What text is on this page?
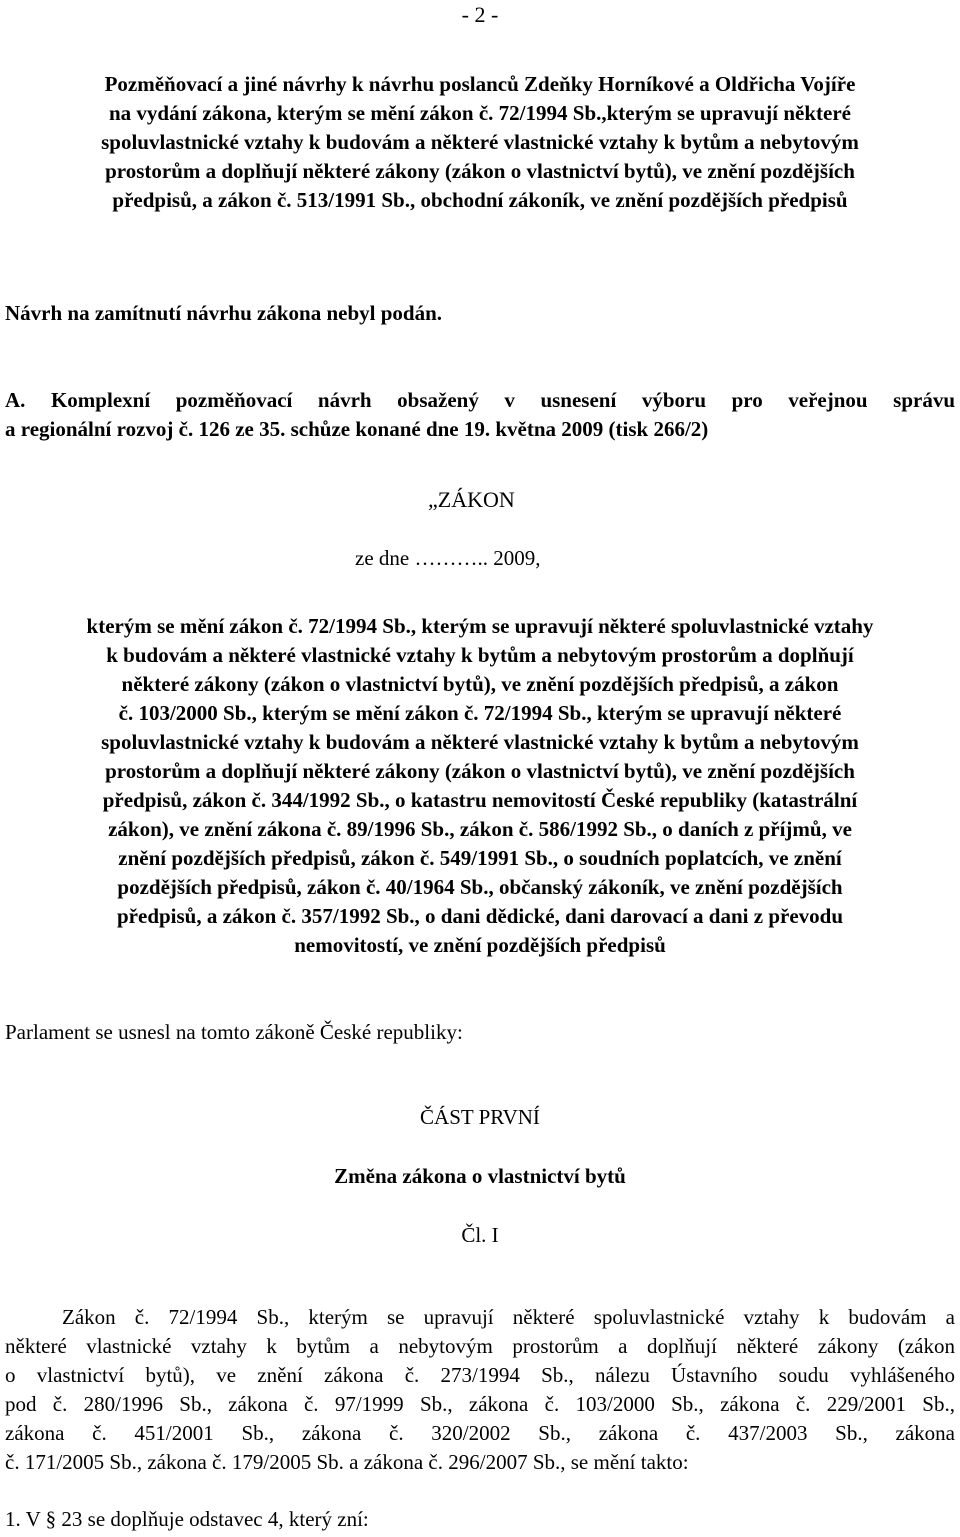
- 2 -
Pozměňovací a jiné návrhy k návrhu poslanců Zdeňky Horníkové a Oldřicha Vojíře
na vydání zákona, kterým se mění zákon č. 72/1994 Sb.,kterým se upravují některé
spoluvlastnické vztahy k budovám a některé vlastnické vztahy k bytům a nebytovým
prostorům a doplňují některé zákony (zákon o vlastnictví bytů), ve znění pozdějších
předpisů, a zákon č. 513/1991 Sb., obchodní zákoník, ve znění pozdějších předpisů
Návrh na zamítnutí návrhu zákona nebyl podán.
A. Komplexní pozměňovací návrh obsažený v usnesení výboru pro veřejnou správu
a regionální rozvoj č. 126 ze 35. schůze konané dne 19. května 2009 (tisk 266/2)
„ZÁKON
ze dne ……….. 2009,
kterým se mění zákon č. 72/1994 Sb., kterým se upravují některé spoluvlastnické vztahy
k budovám a některé vlastnické vztahy k bytům a nebytovým prostorům a doplňují
některé zákony (zákon o vlastnictví bytů), ve znění pozdějších předpisů, a zákon
č. 103/2000 Sb., kterým se mění zákon č. 72/1994 Sb., kterým se upravují některé
spoluvlastnické vztahy k budovám a některé vlastnické vztahy k bytům a nebytovým
prostorům a doplňují některé zákony (zákon o vlastnictví bytů), ve znění pozdějších
předpisů, zákon č. 344/1992 Sb., o katastru nemovitostí České republiky (katastrální
zákon), ve znění zákona č. 89/1996 Sb., zákon č. 586/1992 Sb., o daních z příjmů, ve
znění pozdějších předpisů, zákon č. 549/1991 Sb., o soudních poplatcích, ve znění
pozdějších předpisů, zákon č. 40/1964 Sb., občanský zákoník, ve znění pozdějších
předpisů, a zákon č. 357/1992 Sb., o dani dědické, dani darovací a dani z převodu
nemovitostí, ve znění pozdějších předpisů
Parlament se usnesl na tomto zákoně České republiky:
ČÁST PRVNÍ
Změna zákona o vlastnictví bytů
Čl. I
Zákon č. 72/1994 Sb., kterým se upravují některé spoluvlastnické vztahy k budovám a
některé vlastnické vztahy k bytům a nebytovým prostorům a doplňují některé zákony (zákon
o vlastnictví bytů), ve znění zákona č. 273/1994 Sb., nálezu Ústavního soudu vyhlášeného
pod č. 280/1996 Sb., zákona č. 97/1999 Sb., zákona č. 103/2000 Sb., zákona č. 229/2001 Sb.,
zákona č. 451/2001 Sb., zákona č. 320/2002 Sb., zákona č. 437/2003 Sb., zákona
č. 171/2005 Sb., zákona č. 179/2005 Sb. a zákona č. 296/2007 Sb., se mění takto:
1. V § 23 se doplňuje odstavec 4, který zní:
